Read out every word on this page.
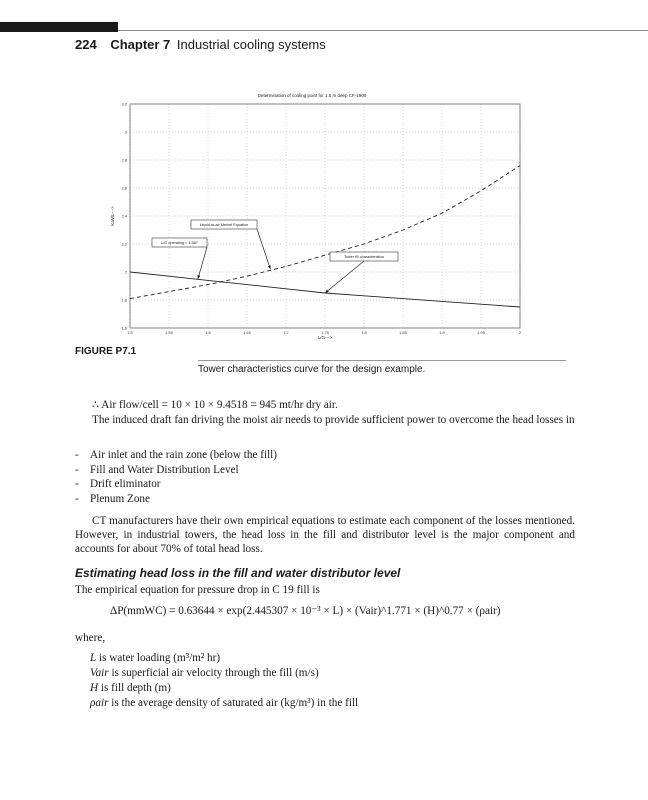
224 Chapter 7 Industrial cooling systems
Determination of cooling point for 1.5 m deep CF-1900
1.5	1.55	1.6	1.65	1.7	1.75	1.8	1.85	1.9	1.95	2
1.6
1.8
2
2.2
2.4
2.6
2.8
3
3.2
Liquid-to-air Merkel Equation
L/G operating = 1.587
Tower fill characteristics
L/G--->
KaV/L--->
FIGURE P7.1
Tower characteristics curve for the design example.
∴ Air flow/cell = 10 × 10 × 9.4518 = 945 mt/hr dry air.
The induced draft fan driving the moist air needs to provide sufficient power to overcome the head losses in
- Air inlet and the rain zone (below the fill)
- Fill and Water Distribution Level
- Drift eliminator
- Plenum Zone
CT manufacturers have their own empirical equations to estimate each component of the losses mentioned. However, in industrial towers, the head loss in the fill and distributor level is the major component and accounts for about 70% of total head loss.
Estimating head loss in the fill and water distributor level
The empirical equation for pressure drop in C 19 fill is
ΔP(mmWC) = 0.63644 × exp(2.445307 × 10⁻³ × L) × (Vair)^1.771 × (H)^0.77 × (ρair)
where,
L is water loading (m³/m² hr)
Vair is superficial air velocity through the fill (m/s)
H is fill depth (m)
ρair is the average density of saturated air (kg/m³) in the fill
